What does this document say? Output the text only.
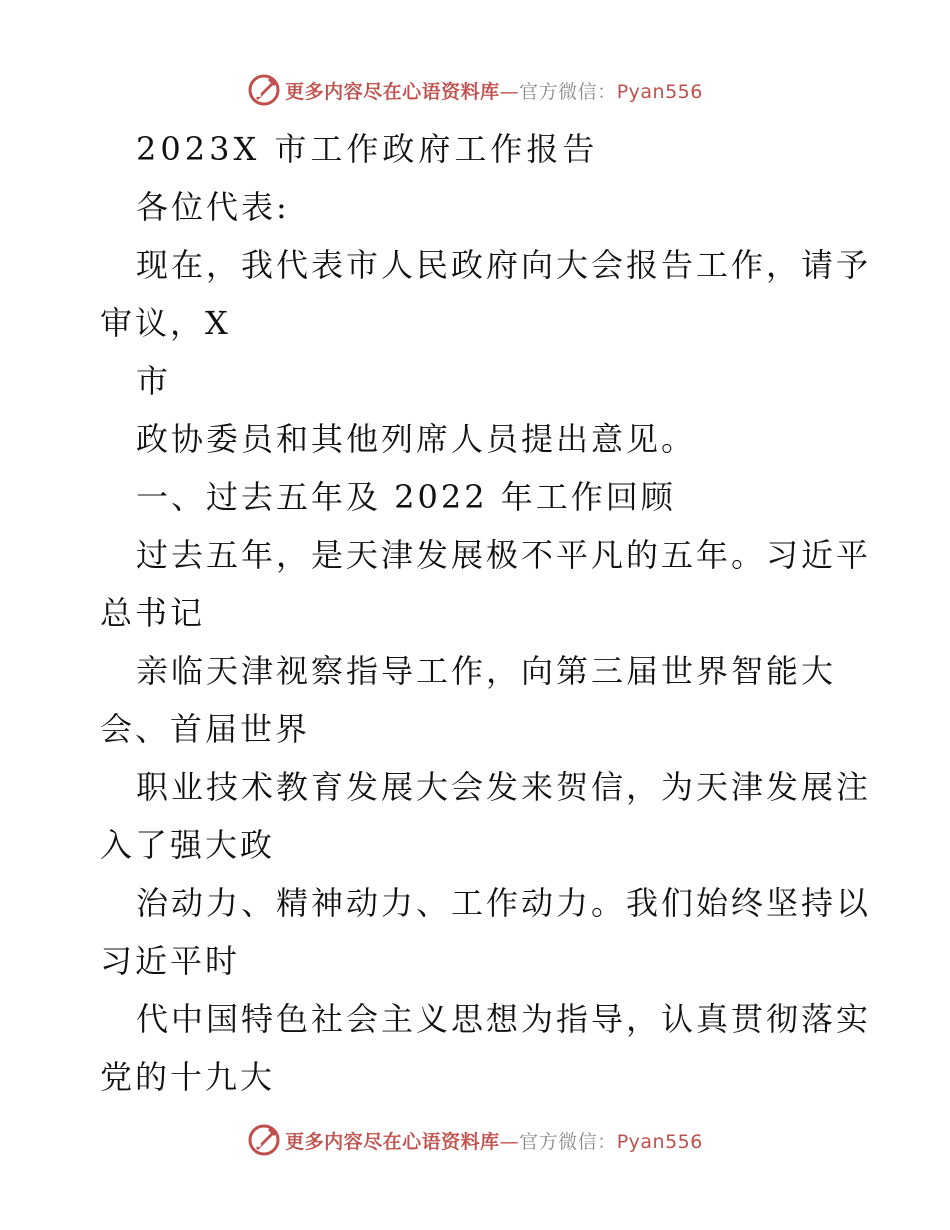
更多内容尽在心语资料库—官方微信：Pyan556
2023X 市工作政府工作报告
各位代表:
现在，我代表市人民政府向大会报告工作，请予
审议，X
市
政协委员和其他列席人员提出意见。
一、过去五年及 2022 年工作回顾
过去五年，是天津发展极不平凡的五年。习近平
总书记
亲临天津视察指导工作，向第三届世界智能大
会、首届世界
职业技术教育发展大会发来贺信，为天津发展注
入了强大政
治动力、精神动力、工作动力。我们始终坚持以
习近平时
代中国特色社会主义思想为指导，认真贯彻落实
党的十九大
更多内容尽在心语资料库—官方微信：Pyan556
